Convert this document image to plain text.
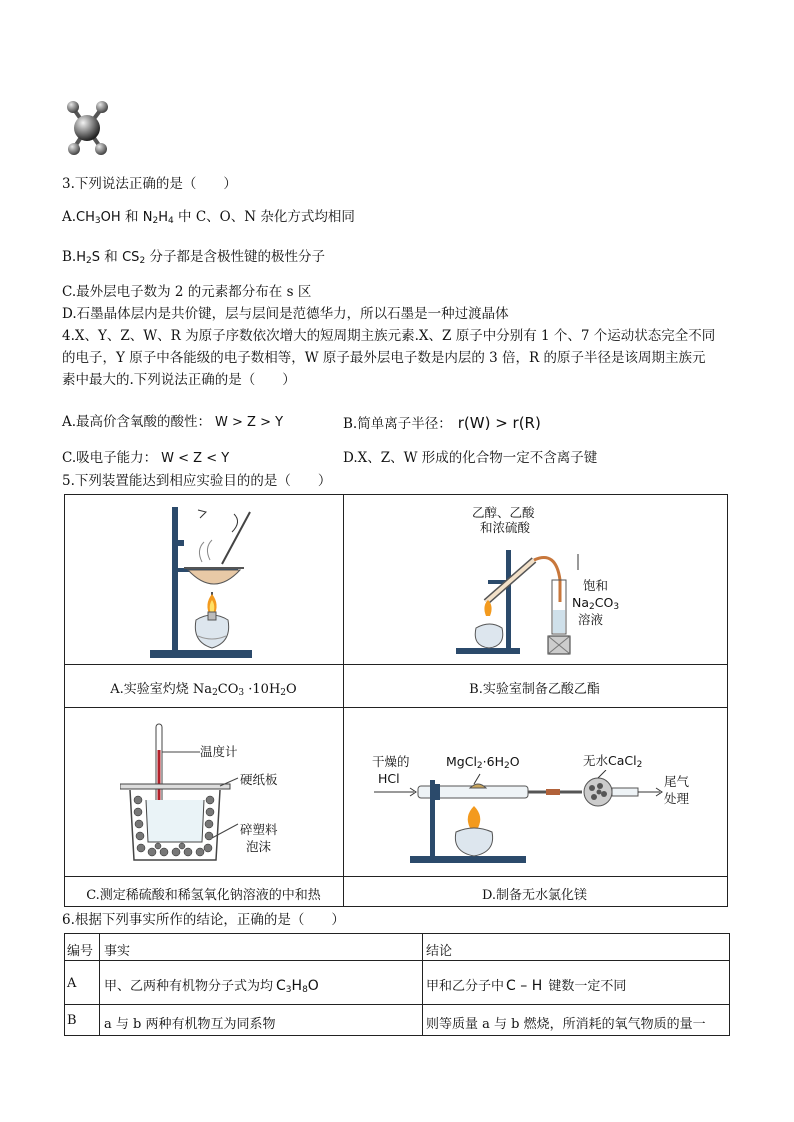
3.下列说法正确的是（　　）
$A.CH_3OH$ 和 $N_2H_4$ 中 C、O、N 杂化方式均相同
$B.H_2S$ 和 $CS_2$ 分子都是含极性键的极性分子
C.最外层电子数为 2 的元素都分布在 s 区
D.石墨晶体层内是共价键，层与层间是范德华力，所以石墨是一种过渡晶体
4.X、Y、Z、W、R 为原子序数依次增大的短周期主族元素.X、Z 原子中分别有 1 个、7 个运动状态完全不同
的电子，Y 原子中各能级的电子数相等，W 原子最外层电子数是内层的 3 倍，R 的原子半径是该周期主族元
素中最大的.下列说法正确的是（　　）
A.最高价含氧酸的酸性： W > Z > Y	B.简单离子半径： r(W) > r(R)
C.吸电子能力： W < Z < Y	D.X、Z、W 形成的化合物一定不含离子键
5.下列装置能达到相应实验目的的是（　　）
乙醇、乙酸
和浓硫酸
饱和
$Na_2CO_3$
溶液
A.实验室灼烧 $Na_2CO_3 \cdot 10H_2O$	B.实验室制备乙酸乙酯
温度计
硬纸板
碎塑料
泡沫
干燥的
HCl
$MgCl_2\cdot 6H_2O$	无水CaCl$_2$
尾气
处理
C.测定稀硫酸和稀氢氧化钠溶液的中和热	D.制备无水氯化镁
6.根据下列事实所作的结论，正确的是（　　）
编号 事实	结论
A 甲、乙两种有机物分子式为均 $C_3H_8O$	甲和乙分子中 C – H 键数一定不同
B a 与 b 两种有机物互为同系物	则等质量 a 与 b 燃烧，所消耗的氧气物质的量一
